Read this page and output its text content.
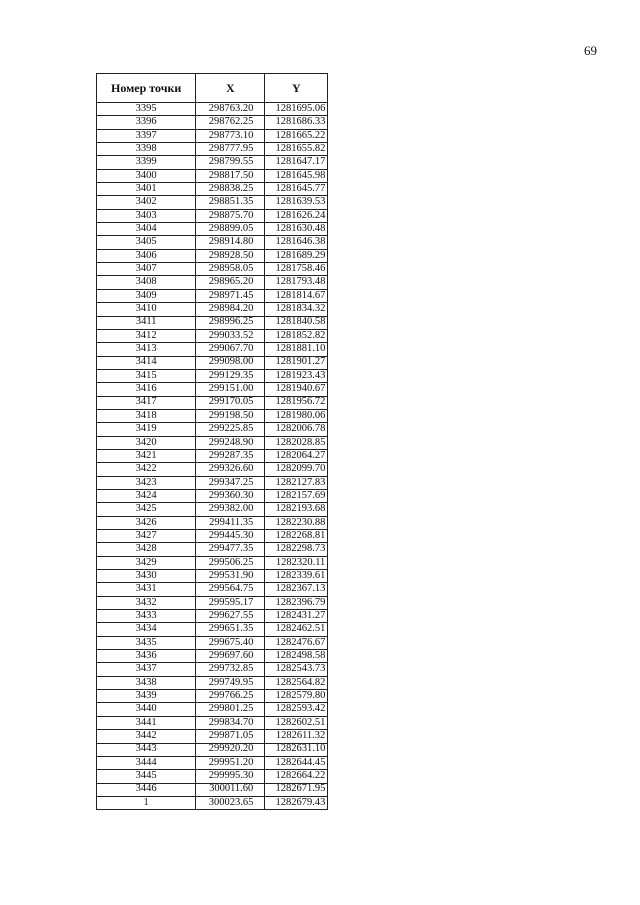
69
Номер точки	X	Y
3395	298763.20	1281695.06
3396	298762.25	1281686.33
3397	298773.10	1281665.22
3398	298777.95	1281655.82
3399	298799.55	1281647.17
3400	298817.50	1281645.98
3401	298838.25	1281645.77
3402	298851.35	1281639.53
3403	298875.70	1281626.24
3404	298899.05	1281630.48
3405	298914.80	1281646.38
3406	298928.50	1281689.29
3407	298958.05	1281758.46
3408	298965.20	1281793.48
3409	298971.45	1281814.67
3410	298984.20	1281834.32
3411	298996.25	1281840.58
3412	299033.52	1281852.82
3413	299067.70	1281881.10
3414	299098.00	1281901.27
3415	299129.35	1281923.43
3416	299151.00	1281940.67
3417	299170.05	1281956.72
3418	299198.50	1281980.06
3419	299225.85	1282006.78
3420	299248.90	1282028.85
3421	299287.35	1282064.27
3422	299326.60	1282099.70
3423	299347.25	1282127.83
3424	299360.30	1282157.69
3425	299382.00	1282193.68
3426	299411.35	1282230.88
3427	299445.30	1282268.81
3428	299477.35	1282298.73
3429	299506.25	1282320.11
3430	299531.90	1282339.61
3431	299564.75	1282367.13
3432	299595.17	1282396.79
3433	299627.55	1282431.27
3434	299651.35	1282462.51
3435	299675.40	1282476.67
3436	299697.60	1282498.58
3437	299732.85	1282543.73
3438	299749.95	1282564.82
3439	299766.25	1282579.80
3440	299801.25	1282593.42
3441	299834.70	1282602.51
3442	299871.05	1282611.32
3443	299920.20	1282631.10
3444	299951.20	1282644.45
3445	299995.30	1282664.22
3446	300011.60	1282671.95
1	300023.65	1282679.43
